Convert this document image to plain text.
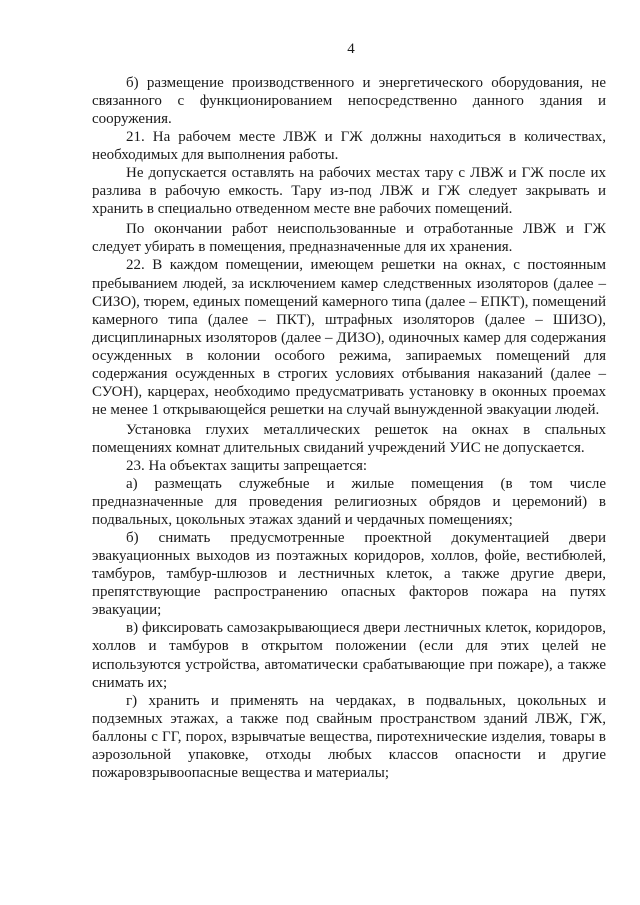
4

б) размещение производственного и энергетического оборудования, не связанного с функционированием непосредственно данного здания и сооружения.

21. На рабочем месте ЛВЖ и ГЖ должны находиться в количествах, необходимых для выполнения работы.

Не допускается оставлять на рабочих местах тару с ЛВЖ и ГЖ после их разлива в рабочую емкость. Тару из-под ЛВЖ и ГЖ следует закрывать и хранить в специально отведенном месте вне рабочих помещений.

По окончании работ неиспользованные и отработанные ЛВЖ и ГЖ следует убирать в помещения, предназначенные для их хранения.

22. В каждом помещении, имеющем решетки на окнах, с постоянным пребыванием людей, за исключением камер следственных изоляторов (далее – СИЗО), тюрем, единых помещений камерного типа (далее – ЕПКТ), помещений камерного типа (далее – ПКТ), штрафных изоляторов (далее – ШИЗО), дисциплинарных изоляторов (далее – ДИЗО), одиночных камер для содержания осужденных в колонии особого режима, запираемых помещений для содержания осужденных в строгих условиях отбывания наказаний (далее – СУОН), карцерах, необходимо предусматривать установку в оконных проемах не менее 1 открывающейся решетки на случай вынужденной эвакуации людей.

Установка глухих металлических решеток на окнах в спальных помещениях комнат длительных свиданий учреждений УИС не допускается.

23. На объектах защиты запрещается:

а) размещать служебные и жилые помещения (в том числе предназначенные для проведения религиозных обрядов и церемоний) в подвальных, цокольных этажах зданий и чердачных помещениях;

б) снимать предусмотренные проектной документацией двери эвакуационных выходов из поэтажных коридоров, холлов, фойе, вестибюлей, тамбуров, тамбур-шлюзов и лестничных клеток, а также другие двери, препятствующие распространению опасных факторов пожара на путях эвакуации;

в) фиксировать самозакрывающиеся двери лестничных клеток, коридоров, холлов и тамбуров в открытом положении (если для этих целей не используются устройства, автоматически срабатывающие при пожаре), а также снимать их;

г) хранить и применять на чердаках, в подвальных, цокольных и подземных этажах, а также под свайным пространством зданий ЛВЖ, ГЖ, баллоны с ГГ, порох, взрывчатые вещества, пиротехнические изделия, товары в аэрозольной упаковке, отходы любых классов опасности и другие пожаровзрывоопасные вещества и материалы;
